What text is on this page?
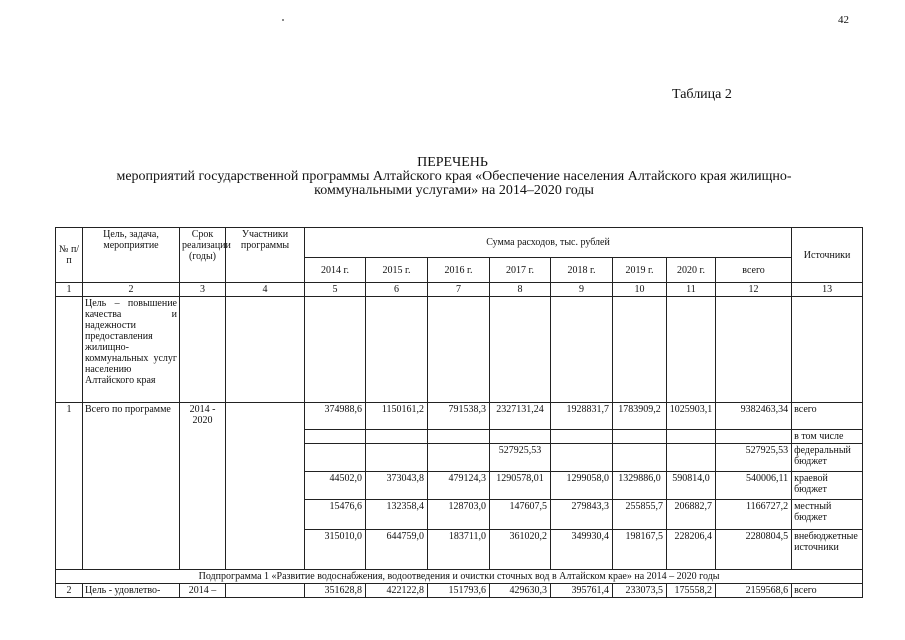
42
Таблица 2
ПЕРЕЧЕНЬ
мероприятий государственной программы Алтайского края «Обеспечение населения Алтайского края жилищно-коммунальными услугами» на 2014–2020 годы
№ п/п	Цель, задача, мероприятие	Срок реализации (годы)	Участники программы	Сумма расходов, тыс. рублей								Источники
				2014 г.	2015 г.	2016 г.	2017 г.	2018 г.	2019 г.	2020 г.	всего	
1	2	3	4	5	6	7	8	9	10	11	12	13
	Цель – повышение качества и надежности предоставления жилищно-коммунальных услуг населению Алтайского края											
1	Всего по программе	2014 - 2020		374988,6	1150161,2	791538,3	2327131,24	1928831,7	1783909,2	1025903,1	9382463,34	всего
												в том числе
							527925,53				527925,53	федеральный бюджет
				44502,0	373043,8	479124,3	1290578,01	1299058,0	1329886,0	590814,0	540006,11	краевой бюджет
				15476,6	132358,4	128703,0	147607,5	279843,3	255855,7	206882,7	1166727,2	местный бюджет
				315010,0	644759,0	183711,0	361020,2	349930,4	198167,5	228206,4	2280804,5	внебюджетные источники
Подпрограмма 1 «Развитие водоснабжения, водоотведения и очистки сточных вод в Алтайском крае» на 2014 – 2020 годы												
2	Цель - удовлетво-	2014 –		351628,8	422122,8	151793,6	429630,3	395761,4	233073,5	175558,2	2159568,6	всего
